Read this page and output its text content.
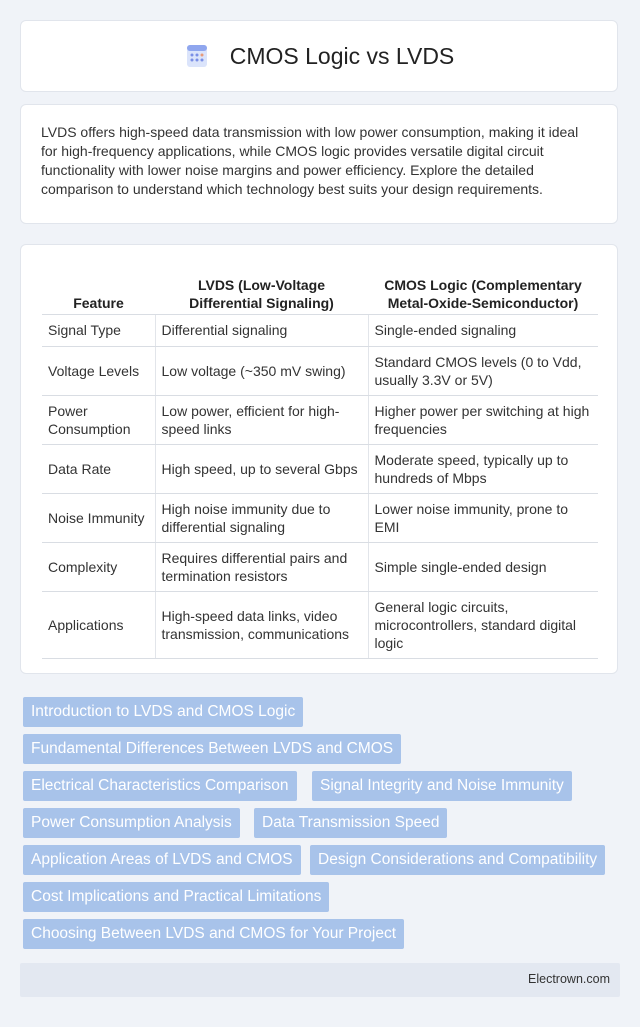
CMOS Logic vs LVDS

LVDS offers high-speed data transmission with low power consumption, making it ideal for high-frequency applications, while CMOS logic provides versatile digital circuit functionality with lower noise margins and power efficiency. Explore the detailed comparison to understand which technology best suits your design requirements.

Feature	LVDS (Low-Voltage Differential Signaling)	CMOS Logic (Complementary Metal-Oxide-Semiconductor)
Signal Type	Differential signaling	Single-ended signaling
Voltage Levels	Low voltage (~350 mV swing)	Standard CMOS levels (0 to Vdd, usually 3.3V or 5V)
Power Consumption	Low power, efficient for high-speed links	Higher power per switching at high frequencies
Data Rate	High speed, up to several Gbps	Moderate speed, typically up to hundreds of Mbps
Noise Immunity	High noise immunity due to differential signaling	Lower noise immunity, prone to EMI
Complexity	Requires differential pairs and termination resistors	Simple single-ended design
Applications	High-speed data links, video transmission, communications	General logic circuits, microcontrollers, standard digital logic
Introduction to LVDS and CMOS Logic
Fundamental Differences Between LVDS and CMOS
Electrical Characteristics Comparison	Signal Integrity and Noise Immunity
Power Consumption Analysis	Data Transmission Speed
Application Areas of LVDS and CMOS	Design Considerations and Compatibility
Cost Implications and Practical Limitations
Choosing Between LVDS and CMOS for Your Project
Electrown.com
